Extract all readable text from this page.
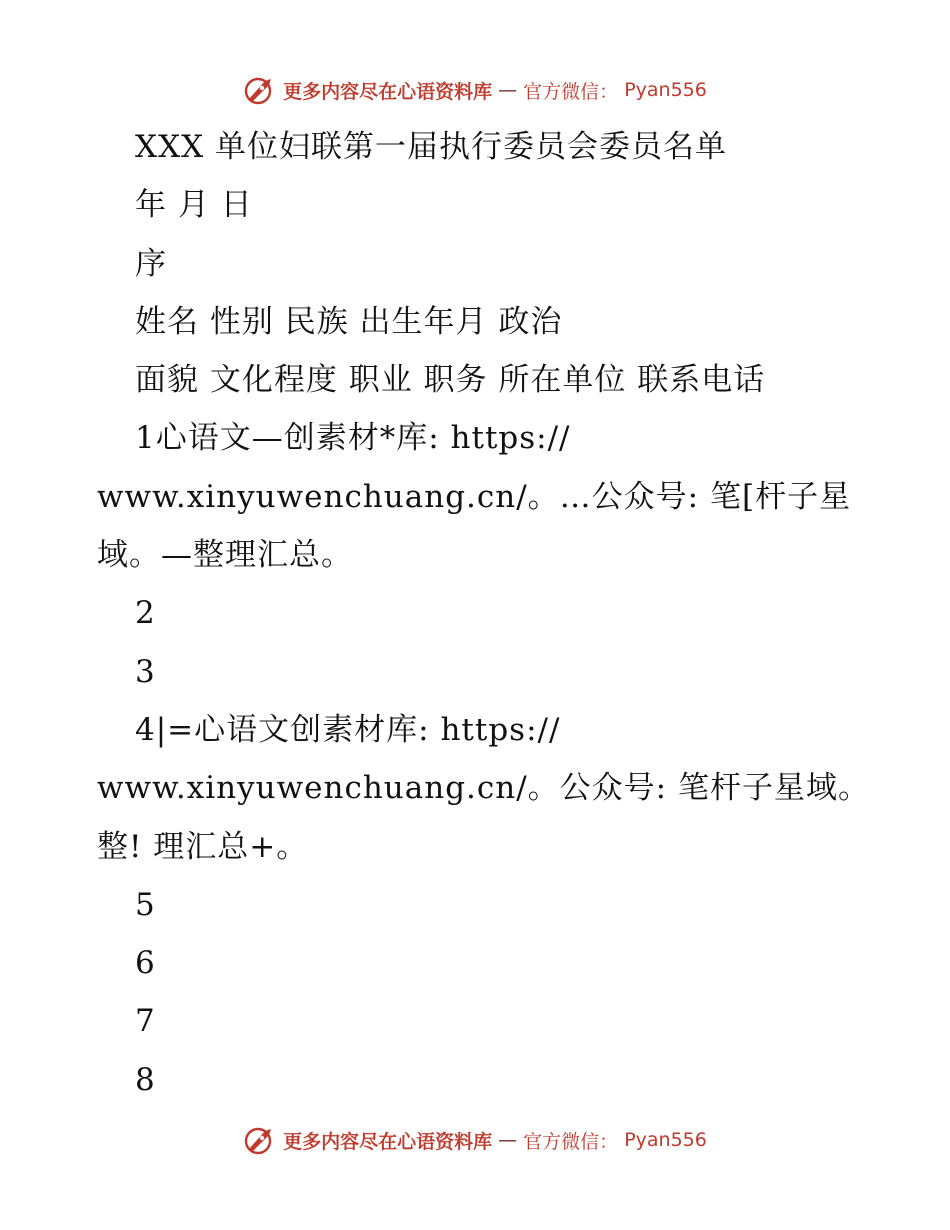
更多内容尽在心语资料库 — 官方微信： Pyan556
XXX 单位妇联第一届执行委员会委员名单
年 月 日
序
姓名 性别 民族 出生年月 政治
面貌 文化程度 职业 职务 所在单位 联系电话
1心语文—创素材*库: https://
www.xinyuwenchuang.cn/。…公众号: 笔[杆子星
域。—整理汇总。
2
3
4|=心语文创素材库: https://
www.xinyuwenchuang.cn/。公众号: 笔杆子星域。
整! 理汇总+。
5
6
7
8
更多内容尽在心语资料库 — 官方微信： Pyan556
